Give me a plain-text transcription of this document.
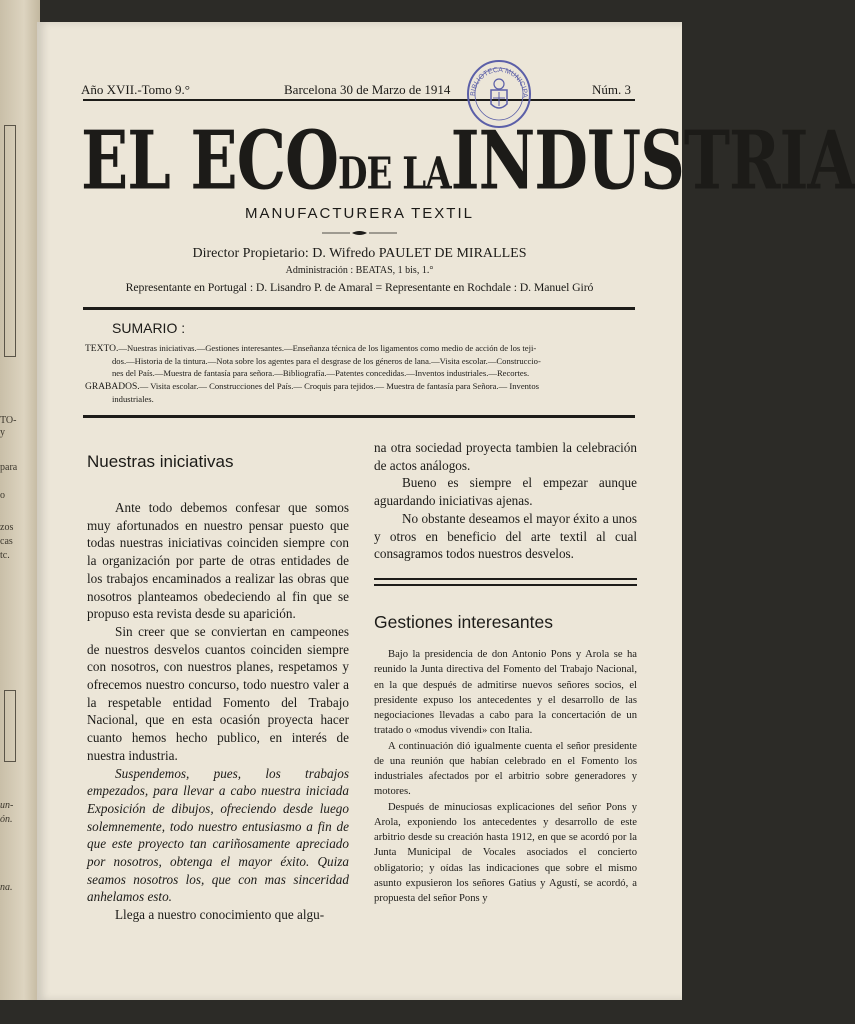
TO-
y
para
o
zos
cas
tc.
un-
ón.
na.
Año XVII.-Tomo 9.°	Barcelona 30 de Marzo de 1914	Núm. 3
BIBLIOTECA MUNICIPA
EL ECODE LAINDUSTRIA
MANUFACTURERA TEXTIL
Director Propietario: D. Wifredo PAULET DE MIRALLES
Administración : BEATAS, 1 bis, 1.°
Representante en Portugal : D. Lisandro P. de Amaral = Representante en Rochdale : D. Manuel Giró
SUMARIO :
TEXTO.—Nuestras iniciativas.—Gestiones interesantes.—Enseñanza técnica de los ligamentos como medio de acción de los teji-
dos.—Historia de la tintura.—Nota sobre los agentes para el desgrase de los géneros de lana.—Visita escolar.—Construccio-
nes del País.—Muestra de fantasía para señora.—Bibliografía.—Patentes concedidas.—Inventos industriales.—Recortes.
GRABADOS.— Visita escolar.— Construcciones del País.— Croquis para tejidos.— Muestra de fantasía para Señora.— Inventos
industriales.
Nuestras iniciativas

Ante todo debemos confesar que somos muy afortunados en nuestro pensar puesto que todas nuestras iniciativas coinciden siempre con la organización por parte de otras entidades de los trabajos encaminados a realizar las obras que nosotros planteamos obedeciendo al fin que se propuso esta revista desde su aparición.

Sin creer que se conviertan en campeones de nuestros desvelos cuantos coinciden siempre con nosotros, con nuestros planes, respetamos y ofrecemos nuestro concurso, todo nuestro valer a la respetable entidad Fomento del Trabajo Nacional, que en esta ocasión proyecta hacer cuanto hemos hecho publico, en interés de nuestra industria.

Suspendemos, pues, los trabajos empezados, para llevar a cabo nuestra iniciada Exposición de dibujos, ofreciendo desde luego solemnemente, todo nuestro entusiasmo a fin de que este proyecto tan cariñosamente apreciado por nosotros, obtenga el mayor éxito. Quiza seamos nosotros los, que con mas sinceridad anhelamos esto.

Llega a nuestro conocimiento que algu-

na otra sociedad proyecta tambien la celebración de actos análogos.

Bueno es siempre el empezar aunque aguardando iniciativas ajenas.

No obstante deseamos el mayor éxito a unos y otros en beneficio del arte textil al cual consagramos todos nuestros desvelos.

Gestiones interesantes

Bajo la presidencia de don Antonio Pons y Arola se ha reunido la Junta directiva del Fomento del Trabajo Nacional, en la que después de admitirse nuevos señores socios, el presidente expuso los antecedentes y el desarrollo de las negociaciones llevadas a cabo para la concertación de un tratado o «modus vivendi» con Italia.

A continuación dió igualmente cuenta el señor presidente de una reunión que habían celebrado en el Fomento los industriales afectados por el arbitrio sobre generadores y motores.

Después de minuciosas explicaciones del señor Pons y Arola, exponiendo los antecedentes y desarrollo de este arbitrio desde su creación hasta 1912, en que se acordó por la Junta Municipal de Vocales asociados el concierto obligatorio; y oídas las indicaciones que sobre el mismo asunto expusieron los señores Gatius y Agustí, se acordó, a propuesta del señor Pons y
